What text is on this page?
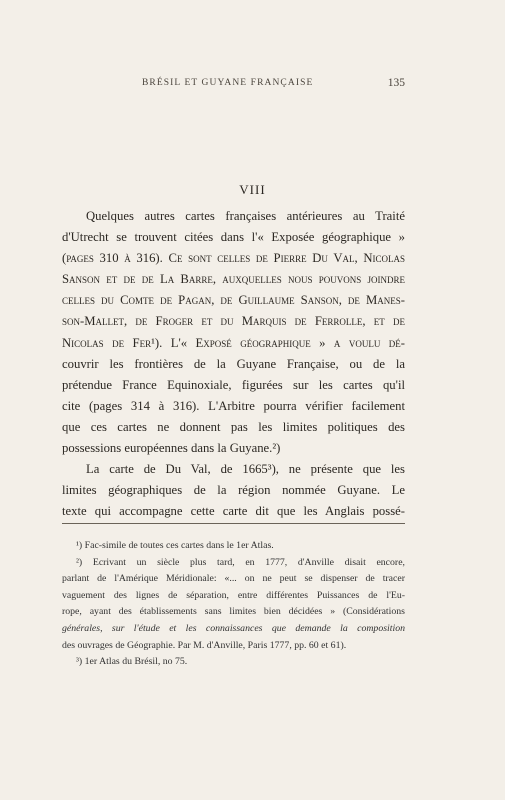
BRÉSIL ET GUYANE FRANÇAISE	135
VIII
Quelques autres cartes françaises antérieures au Traité
d'Utrecht se trouvent citées dans l'« Exposée géographique »
(pages 310 à 316). Ce sont celles de Pierre Du Val, Nicolas
Sanson et de de La Barre, auxquelles nous pouvons joindre
celles du Comte de Pagan, de Guillaume Sanson, de Manes-
son-Mallet, de Froger et du Marquis de Ferrolle, et de
Nicolas de Fer¹). L'« Exposé géographique » a voulu dé-
couvrir les frontières de la Guyane Française, ou de la
prétendue France Equinoxiale, figurées sur les cartes qu'il
cite (pages 314 à 316). L'Arbitre pourra vérifier facilement
que ces cartes ne donnent pas les limites politiques des
possessions européennes dans la Guyane.²)
La carte de Du Val, de 1665³), ne présente que les
limites géographiques de la région nommée Guyane. Le
texte qui accompagne cette carte dit que les Anglais possé-
¹) Fac-simile de toutes ces cartes dans le 1er Atlas.
²) Ecrivant un siècle plus tard, en 1777, d'Anville disait encore,
parlant de l'Amérique Méridionale: «... on ne peut se dispenser de tracer
vaguement des lignes de séparation, entre différentes Puissances de l'Eu-
rope, ayant des établissements sans limites bien décidées » (Considérations
générales, sur l'étude et les connaissances que demande la composition
des ouvrages de Géographie. Par M. d'Anville, Paris 1777, pp. 60 et 61).
³) 1er Atlas du Brésil, no 75.
